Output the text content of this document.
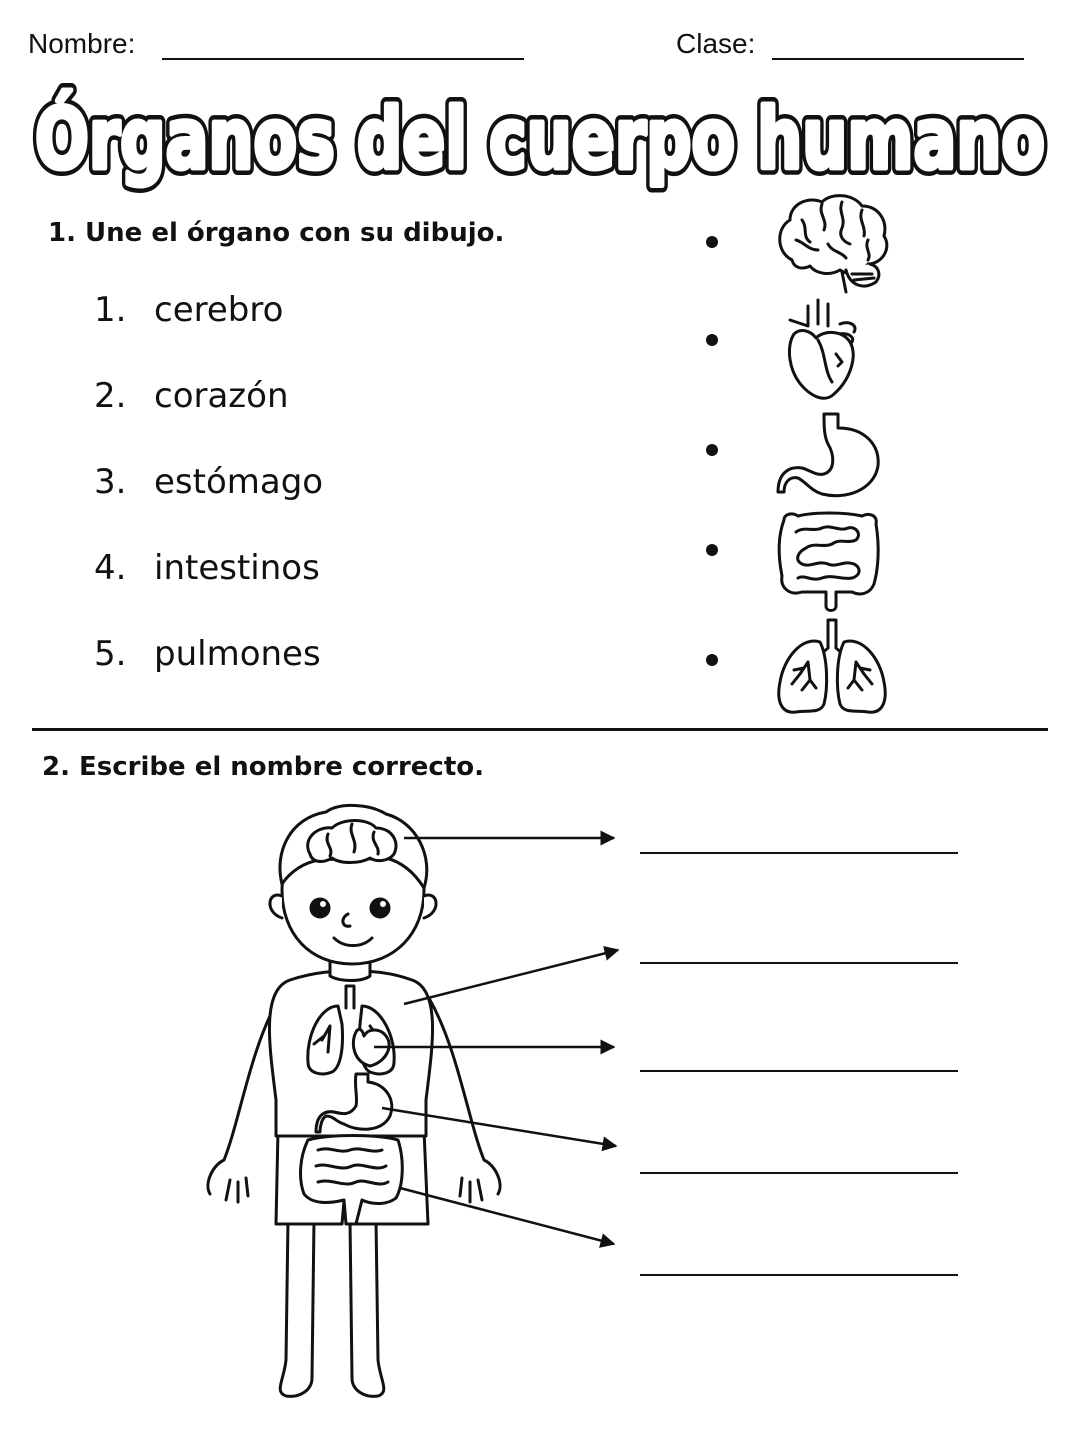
Nombre:	Clase:
Órganos del cuerpo humano
Órganos del cuerpo humano
1. Une el órgano con su dibujo.
1. cerebro
2. corazón
3. estómago
4. intestinos
5. pulmones
2. Escribe el nombre correcto.
